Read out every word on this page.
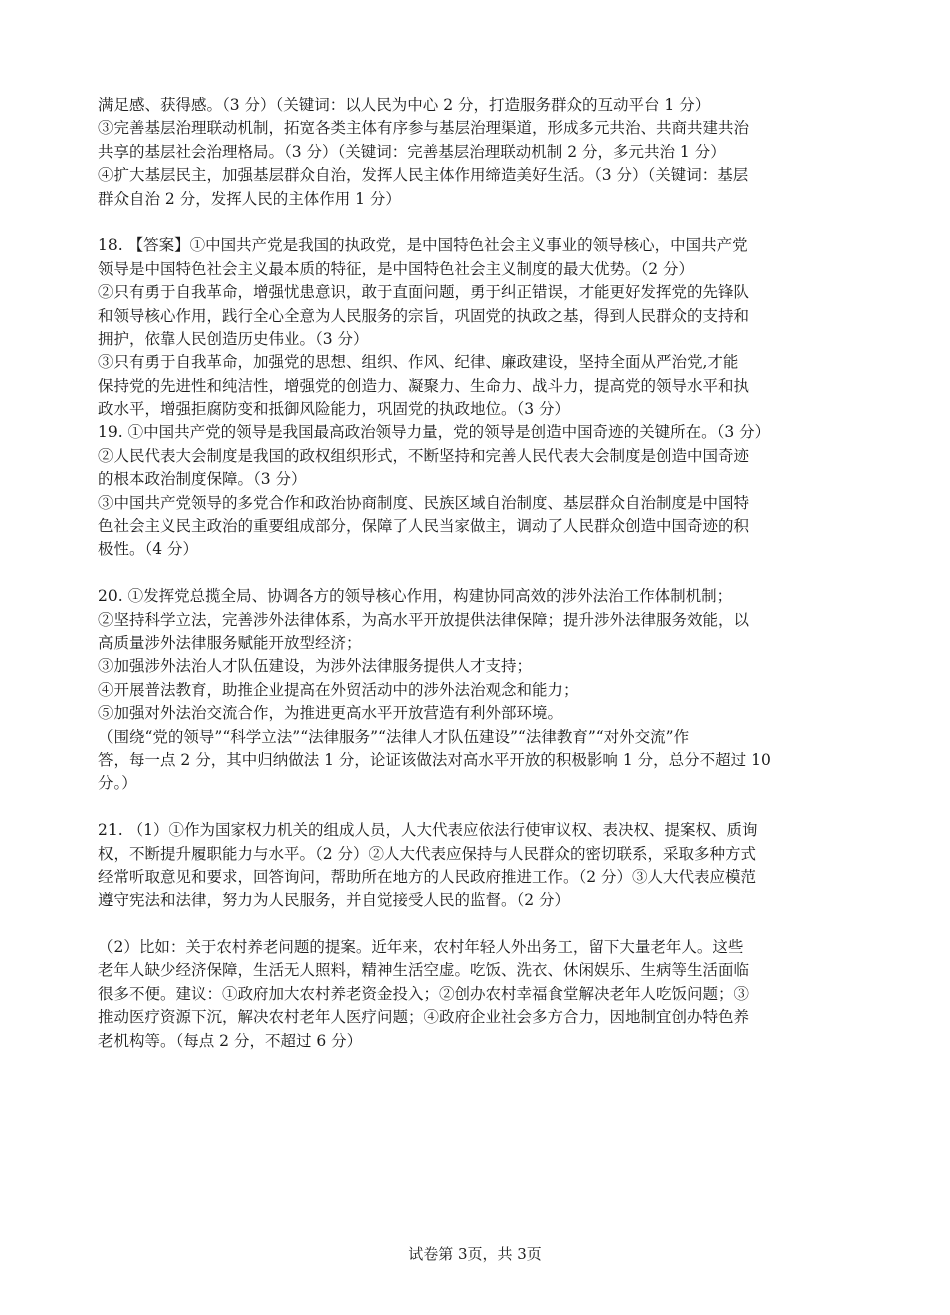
满足感、获得感。（3 分）（关键词：以人民为中心 2 分，打造服务群众的互动平台 1 分）
③完善基层治理联动机制，拓宽各类主体有序参与基层治理渠道，形成多元共治、共商共建共治
共享的基层社会治理格局。（3 分）（关键词：完善基层治理联动机制 2 分，多元共治 1 分）
④扩大基层民主，加强基层群众自治，发挥人民主体作用缔造美好生活。（3 分）（关键词：基层
群众自治 2 分，发挥人民的主体作用 1 分）
18. 【答案】①中国共产党是我国的执政党，是中国特色社会主义事业的领导核心，中国共产党
领导是中国特色社会主义最本质的特征，是中国特色社会主义制度的最大优势。（2 分）
②只有勇于自我革命，增强忧患意识，敢于直面问题，勇于纠正错误，才能更好发挥党的先锋队
和领导核心作用，践行全心全意为人民服务的宗旨，巩固党的执政之基，得到人民群众的支持和
拥护，依靠人民创造历史伟业。（3 分）
③只有勇于自我革命，加强党的思想、组织、作风、纪律、廉政建设，坚持全面从严治党,才能
保持党的先进性和纯洁性，增强党的创造力、凝聚力、生命力、战斗力，提高党的领导水平和执
政水平，增强拒腐防变和抵御风险能力，巩固党的执政地位。（3 分）
19. ①中国共产党的领导是我国最高政治领导力量，党的领导是创造中国奇迹的关键所在。（3 分）
②人民代表大会制度是我国的政权组织形式，不断坚持和完善人民代表大会制度是创造中国奇迹
的根本政治制度保障。（3 分）
③中国共产党领导的多党合作和政治协商制度、民族区域自治制度、基层群众自治制度是中国特
色社会主义民主政治的重要组成部分，保障了人民当家做主，调动了人民群众创造中国奇迹的积
极性。（4 分）
20. ①发挥党总揽全局、协调各方的领导核心作用，构建协同高效的涉外法治工作体制机制；
②坚持科学立法，完善涉外法律体系，为高水平开放提供法律保障；提升涉外法律服务效能，以
高质量涉外法律服务赋能开放型经济；
③加强涉外法治人才队伍建设，为涉外法律服务提供人才支持；
④开展普法教育，助推企业提高在外贸活动中的涉外法治观念和能力；
⑤加强对外法治交流合作，为推进更高水平开放营造有利外部环境。
（围绕“党的领导”“科学立法”“法律服务”“法律人才队伍建设”“法律教育”“对外交流”作
答，每一点 2 分，其中归纳做法 1 分，论证该做法对高水平开放的积极影响 1 分，总分不超过 10
分。）
21. （1）①作为国家权力机关的组成人员，人大代表应依法行使审议权、表决权、提案权、质询
权，不断提升履职能力与水平。（2 分）②人大代表应保持与人民群众的密切联系，采取多种方式
经常听取意见和要求，回答询问，帮助所在地方的人民政府推进工作。（2 分）③人大代表应模范
遵守宪法和法律，努力为人民服务，并自觉接受人民的监督。（2 分）
（2）比如：关于农村养老问题的提案。近年来，农村年轻人外出务工，留下大量老年人。这些
老年人缺少经济保障，生活无人照料，精神生活空虚。吃饭、洗衣、休闲娱乐、生病等生活面临
很多不便。建议：①政府加大农村养老资金投入；②创办农村幸福食堂解决老年人吃饭问题；③
推动医疗资源下沉，解决农村老年人医疗问题；④政府企业社会多方合力，因地制宜创办特色养
老机构等。（每点 2 分，不超过 6 分）
试卷第 3页，共 3页
